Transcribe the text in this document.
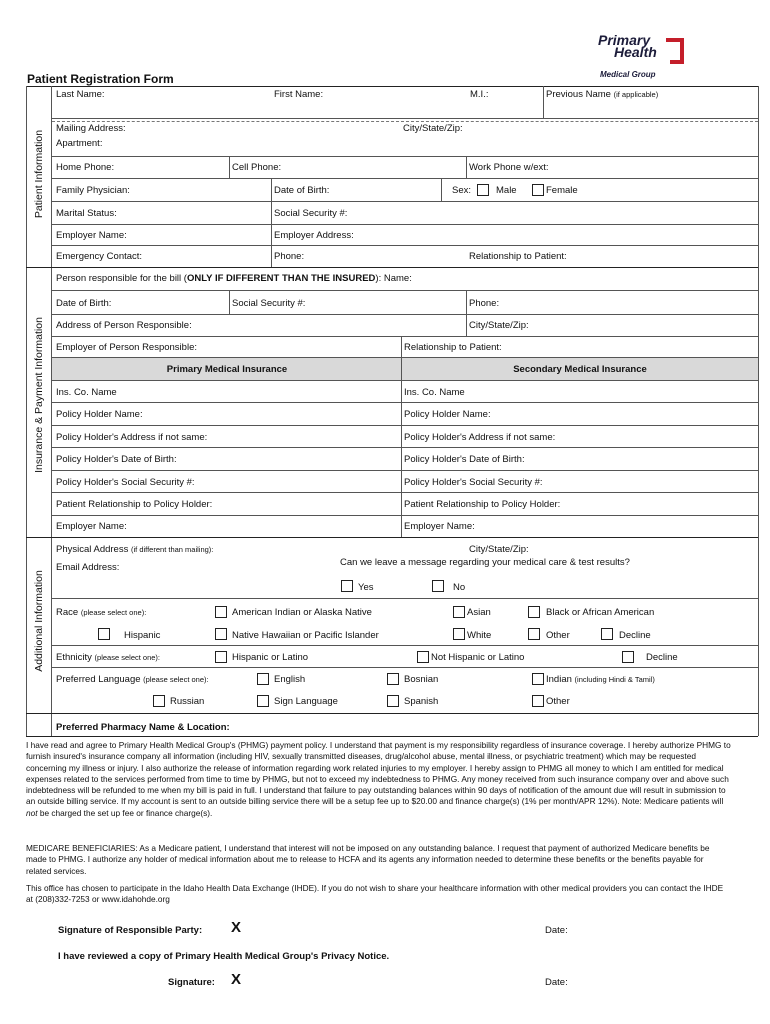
Primary
Health
Medical Group
Patient Registration Form
Patient Information
Insurance & Payment Information
Additional Information
Last Name:	First Name:	M.I.:	Previous Name (if applicable)
Mailing Address:	City/State/Zip:
Apartment:
Home Phone:	Cell Phone:	Work Phone w/ext:
Family Physician:	Date of Birth:	Sex:	Male	Female
Marital Status:	Social Security #:
Employer Name:	Employer Address:
Emergency Contact:	Phone:	Relationship to Patient:
Person responsible for the bill (ONLY IF DIFFERENT THAN THE INSURED): Name:
Date of Birth:	Social Security #:	Phone:
Address of Person Responsible:	City/State/Zip:
Employer of Person Responsible:	Relationship to Patient:
Primary Medical Insurance	Secondary Medical Insurance
Ins. Co. Name	Ins. Co. Name
Policy Holder Name:	Policy Holder Name:
Policy Holder's Address if not same:	Policy Holder's Address if not same:
Policy Holder's Date of Birth:	Policy Holder's Date of Birth:
Policy Holder's Social Security #:	Policy Holder's Social Security #:
Patient Relationship to Policy Holder:	Patient Relationship to Policy Holder:
Employer Name:	Employer Name:
Physical Address (if different than mailing):	City/State/Zip:
Email Address:	Can we leave a message regarding your medical care & test results?
Yes	No
Race (please select one):	American Indian or Alaska Native	Asian	Black or African American
Hispanic	Native Hawaiian or Pacific Islander	White	Other	Decline
Ethnicity (please select one):	Hispanic or Latino	Not Hispanic or Latino	Decline
Preferred Language (please select one):	English	Bosnian	Indian (including Hindi & Tamil)
Russian	Sign Language	Spanish	Other
Preferred Pharmacy Name & Location:
I have read and agree to Primary Health Medical Group's (PHMG) payment policy. I understand that payment is my responsibility regardless of insurance coverage. I hereby authorize PHMG to furnish insured's insurance company all information (including HIV, sexually transmitted diseases, drug/alcohol abuse, mental illness, or psychiatric treatment) which may be requested concerning my illness or injury. I also authorize the release of information regarding work related injuries to my employer. I hereby assign to PHMG all money to which I am entitled for medical expenses related to the services performed from time to time by PHMG, but not to exceed my indebtedness to PHMG. Any money received from such insurance company over and above such indebtedness will be refunded to me when my bill is paid in full. I understand that failure to pay outstanding balances within 90 days of notification of the amount due will result in submission to an outside billing service. If my account is sent to an outside billing service there will be a setup fee up to $20.00 and finance charge(s) (1% per month/APR 12%). Note: Medicare patients will not be charged the set up fee or finance charge(s).
MEDICARE BENEFICIARIES: As a Medicare patient, I understand that interest will not be imposed on any outstanding balance. I request that payment of authorized Medicare benefits be made to PHMG. I authorize any holder of medical information about me to release to HCFA and its agents any information needed to determine these benefits or the benefits payable for related services.
This office has chosen to participate in the Idaho Health Data Exchange (IHDE). If you do not wish to share your healthcare information with other medical providers you can contact the IHDE at (208)332-7253 or www.idahohde.org
Signature of Responsible Party: X	Date:
I have reviewed a copy of Primary Health Medical Group's Privacy Notice.
Signature: X	Date:
